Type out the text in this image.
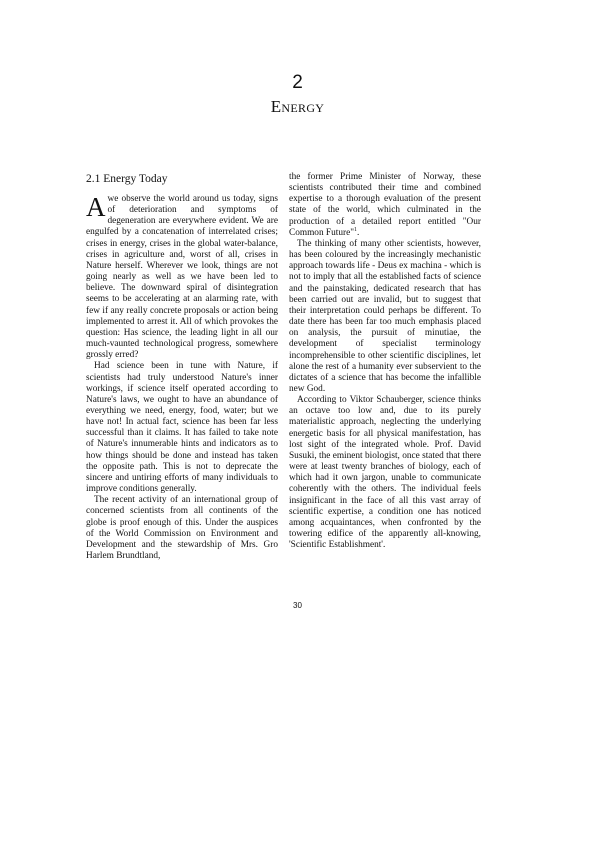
2
Energy
2.1 Energy Today

Awe observe the world around us today, signs of deterioration and symptoms of degeneration are everywhere evident. We are engulfed by a concatenation of interrelated crises; crises in energy, crises in the global water-balance, crises in agriculture and, worst of all, crises in Nature herself. Wherever we look, things are not going nearly as well as we have been led to believe. The downward spiral of disintegration seems to be accelerating at an alarming rate, with few if any really concrete proposals or action being implemented to arrest it. All of which provokes the question: Has science, the leading light in all our much-vaunted technological progress, somewhere grossly erred?

Had science been in tune with Nature, if scientists had truly understood Nature's inner workings, if science itself operated according to Nature's laws, we ought to have an abundance of everything we need, energy, food, water; but we have not! In actual fact, science has been far less successful than it claims. It has failed to take note of Nature's innumerable hints and indicators as to how things should be done and instead has taken the opposite path. This is not to deprecate the sincere and untiring efforts of many individuals to improve conditions generally.

The recent activity of an international group of concerned scientists from all continents of the globe is proof enough of this. Under the auspices of the World Commission on Environment and Development and the stewardship of Mrs. Gro Harlem Brundtland,

the former Prime Minister of Norway, these scientists contributed their time and combined expertise to a thorough evaluation of the present state of the world, which culminated in the production of a detailed report entitled "Our Common Future"$^1$.

The thinking of many other scientists, however, has been coloured by the increasingly mechanistic approach towards life - Deus ex machina - which is not to imply that all the established facts of science and the painstaking, dedicated research that has been carried out are invalid, but to suggest that their interpretation could perhaps be different. To date there has been far too much emphasis placed on analysis, the pursuit of minutiae, the development of specialist terminology incomprehensible to other scientific disciplines, let alone the rest of a humanity ever subservient to the dictates of a science that has become the infallible new God.

According to Viktor Schauberger, science thinks an octave too low and, due to its purely materialistic approach, neglecting the underlying energetic basis for all physical manifestation, has lost sight of the integrated whole. Prof. David Susuki, the eminent biologist, once stated that there were at least twenty branches of biology, each of which had it own jargon, unable to communicate coherently with the others. The individual feels insignificant in the face of all this vast array of scientific expertise, a condition one has noticed among acquaintances, when confronted by the towering edifice of the apparently all-knowing, 'Scientific Establishment'.

30
